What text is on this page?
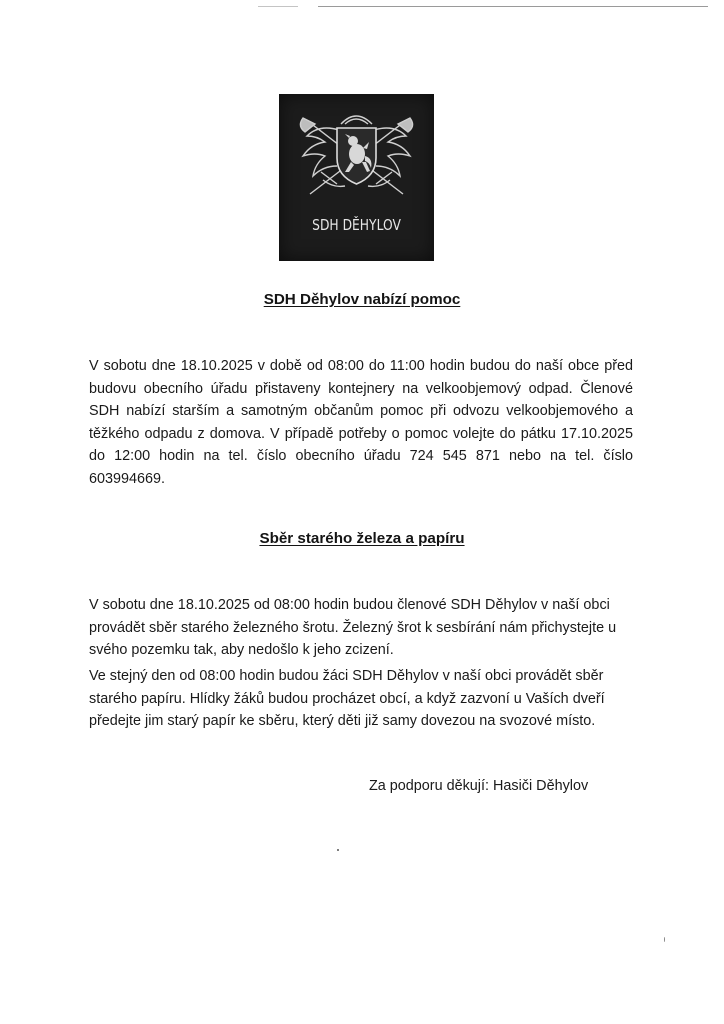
SDH DĚHYLOV
SDH Děhylov nabízí pomoc

V sobotu dne 18.10.2025 v době od 08:00 do 11:00 hodin budou do naší obce před budovu obecního úřadu přistaveny kontejnery na velkoobjemový odpad. Členové SDH nabízí starším a samotným občanům pomoc při odvozu velkoobjemového a těžkého odpadu z domova. V případě potřeby o pomoc volejte do pátku 17.10.2025 do 12:00 hodin na tel. číslo obecního úřadu 724 545 871 nebo na tel. číslo 603994669.

Sběr starého železa a papíru

V sobotu dne 18.10.2025 od 08:00 hodin budou členové SDH Děhylov v naší obci provádět sběr starého železného šrotu. Železný šrot k sesbírání nám přichystejte u svého pozemku tak, aby nedošlo k jeho zcizení.

Ve stejný den od 08:00 hodin budou žáci SDH Děhylov v naší obci provádět sběr starého papíru. Hlídky žáků budou procházet obcí, a když zazvoní u Vaších dveří předejte jim starý papír ke sběru, který děti již samy dovezou na svozové místo.

Za podporu děkují: Hasiči Děhylov
